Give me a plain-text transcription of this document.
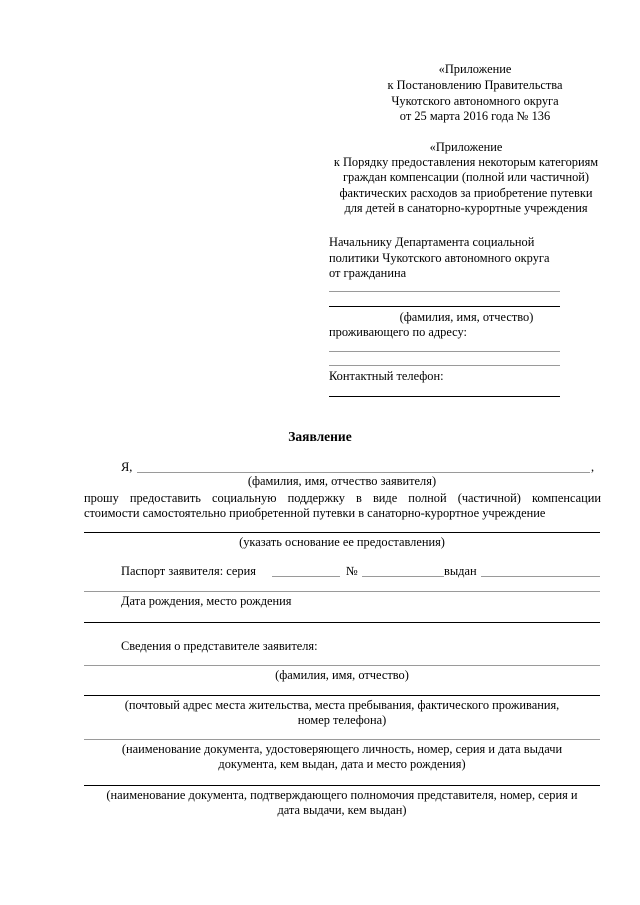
«Приложение
к Постановлению Правительства
Чукотского автономного округа
от 25 марта 2016 года № 136
«Приложение
к Порядку предоставления некоторым категориям
граждан компенсации (полной или частичной)
фактических расходов за приобретение путевки
для детей в санаторно-курортные учреждения
Начальнику Департамента социальной
политики Чукотского автономного округа
от гражданина
(фамилия, имя, отчество)
проживающего по адресу:
Контактный телефон:
Заявление
Я,	,
(фамилия, имя, отчество заявителя)
прошу предоставить социальную поддержку в виде полной (частичной) компенсации
стоимости самостоятельно приобретенной путевки в санаторно-курортное учреждение
(указать основание ее предоставления)
Паспорт заявителя: серия	№	выдан
Дата рождения, место рождения
Сведения о представителе заявителя:
(фамилия, имя, отчество)
(почтовый адрес места жительства, места пребывания, фактического проживания,
номер телефона)
(наименование документа, удостоверяющего личность, номер, серия и дата выдачи
документа, кем выдан, дата и место рождения)
(наименование документа, подтверждающего полномочия представителя, номер, серия и
дата выдачи, кем выдан)
